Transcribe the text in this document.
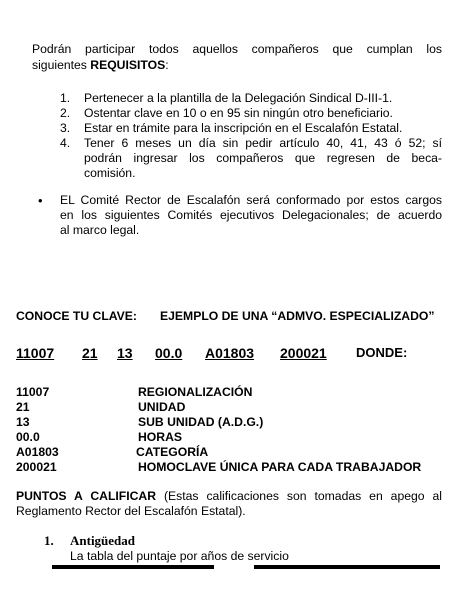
Podrán participar todos aquellos compañeros que cumplan los
siguientes REQUISITOS:
1. Pertenecer a la plantilla de la Delegación Sindical D-III-1.
2. Ostentar clave en 10 o en 95 sin ningún otro beneficiario.
3. Estar en trámite para la inscripción en el Escalafón Estatal.
4. Tener 6 meses un día sin pedir artículo 40, 41, 43 ó 52; sí
podrán ingresar los compañeros que regresen de beca-
comisión.
• EL Comité Rector de Escalafón será conformado por estos cargos
en los siguientes Comités ejecutivos Delegacionales; de acuerdo
al marco legal.
CONOCE TU CLAVE: EJEMPLO DE UNA “ADMVO. ESPECIALIZADO”
11007 21 13 00.0 A01803 200021 DONDE:
11007	REGIONALIZACIÓN
21	UNIDAD
13	SUB UNIDAD (A.D.G.)
00.0	HORAS
A01803	CATEGORÍA
200021	HOMOCLAVE ÚNICA PARA CADA TRABAJADOR
PUNTOS A CALIFICAR (Estas calificaciones son tomadas en apego al
Reglamento Rector del Escalafón Estatal).
1. Antigüedad
La tabla del puntaje por años de servicio
